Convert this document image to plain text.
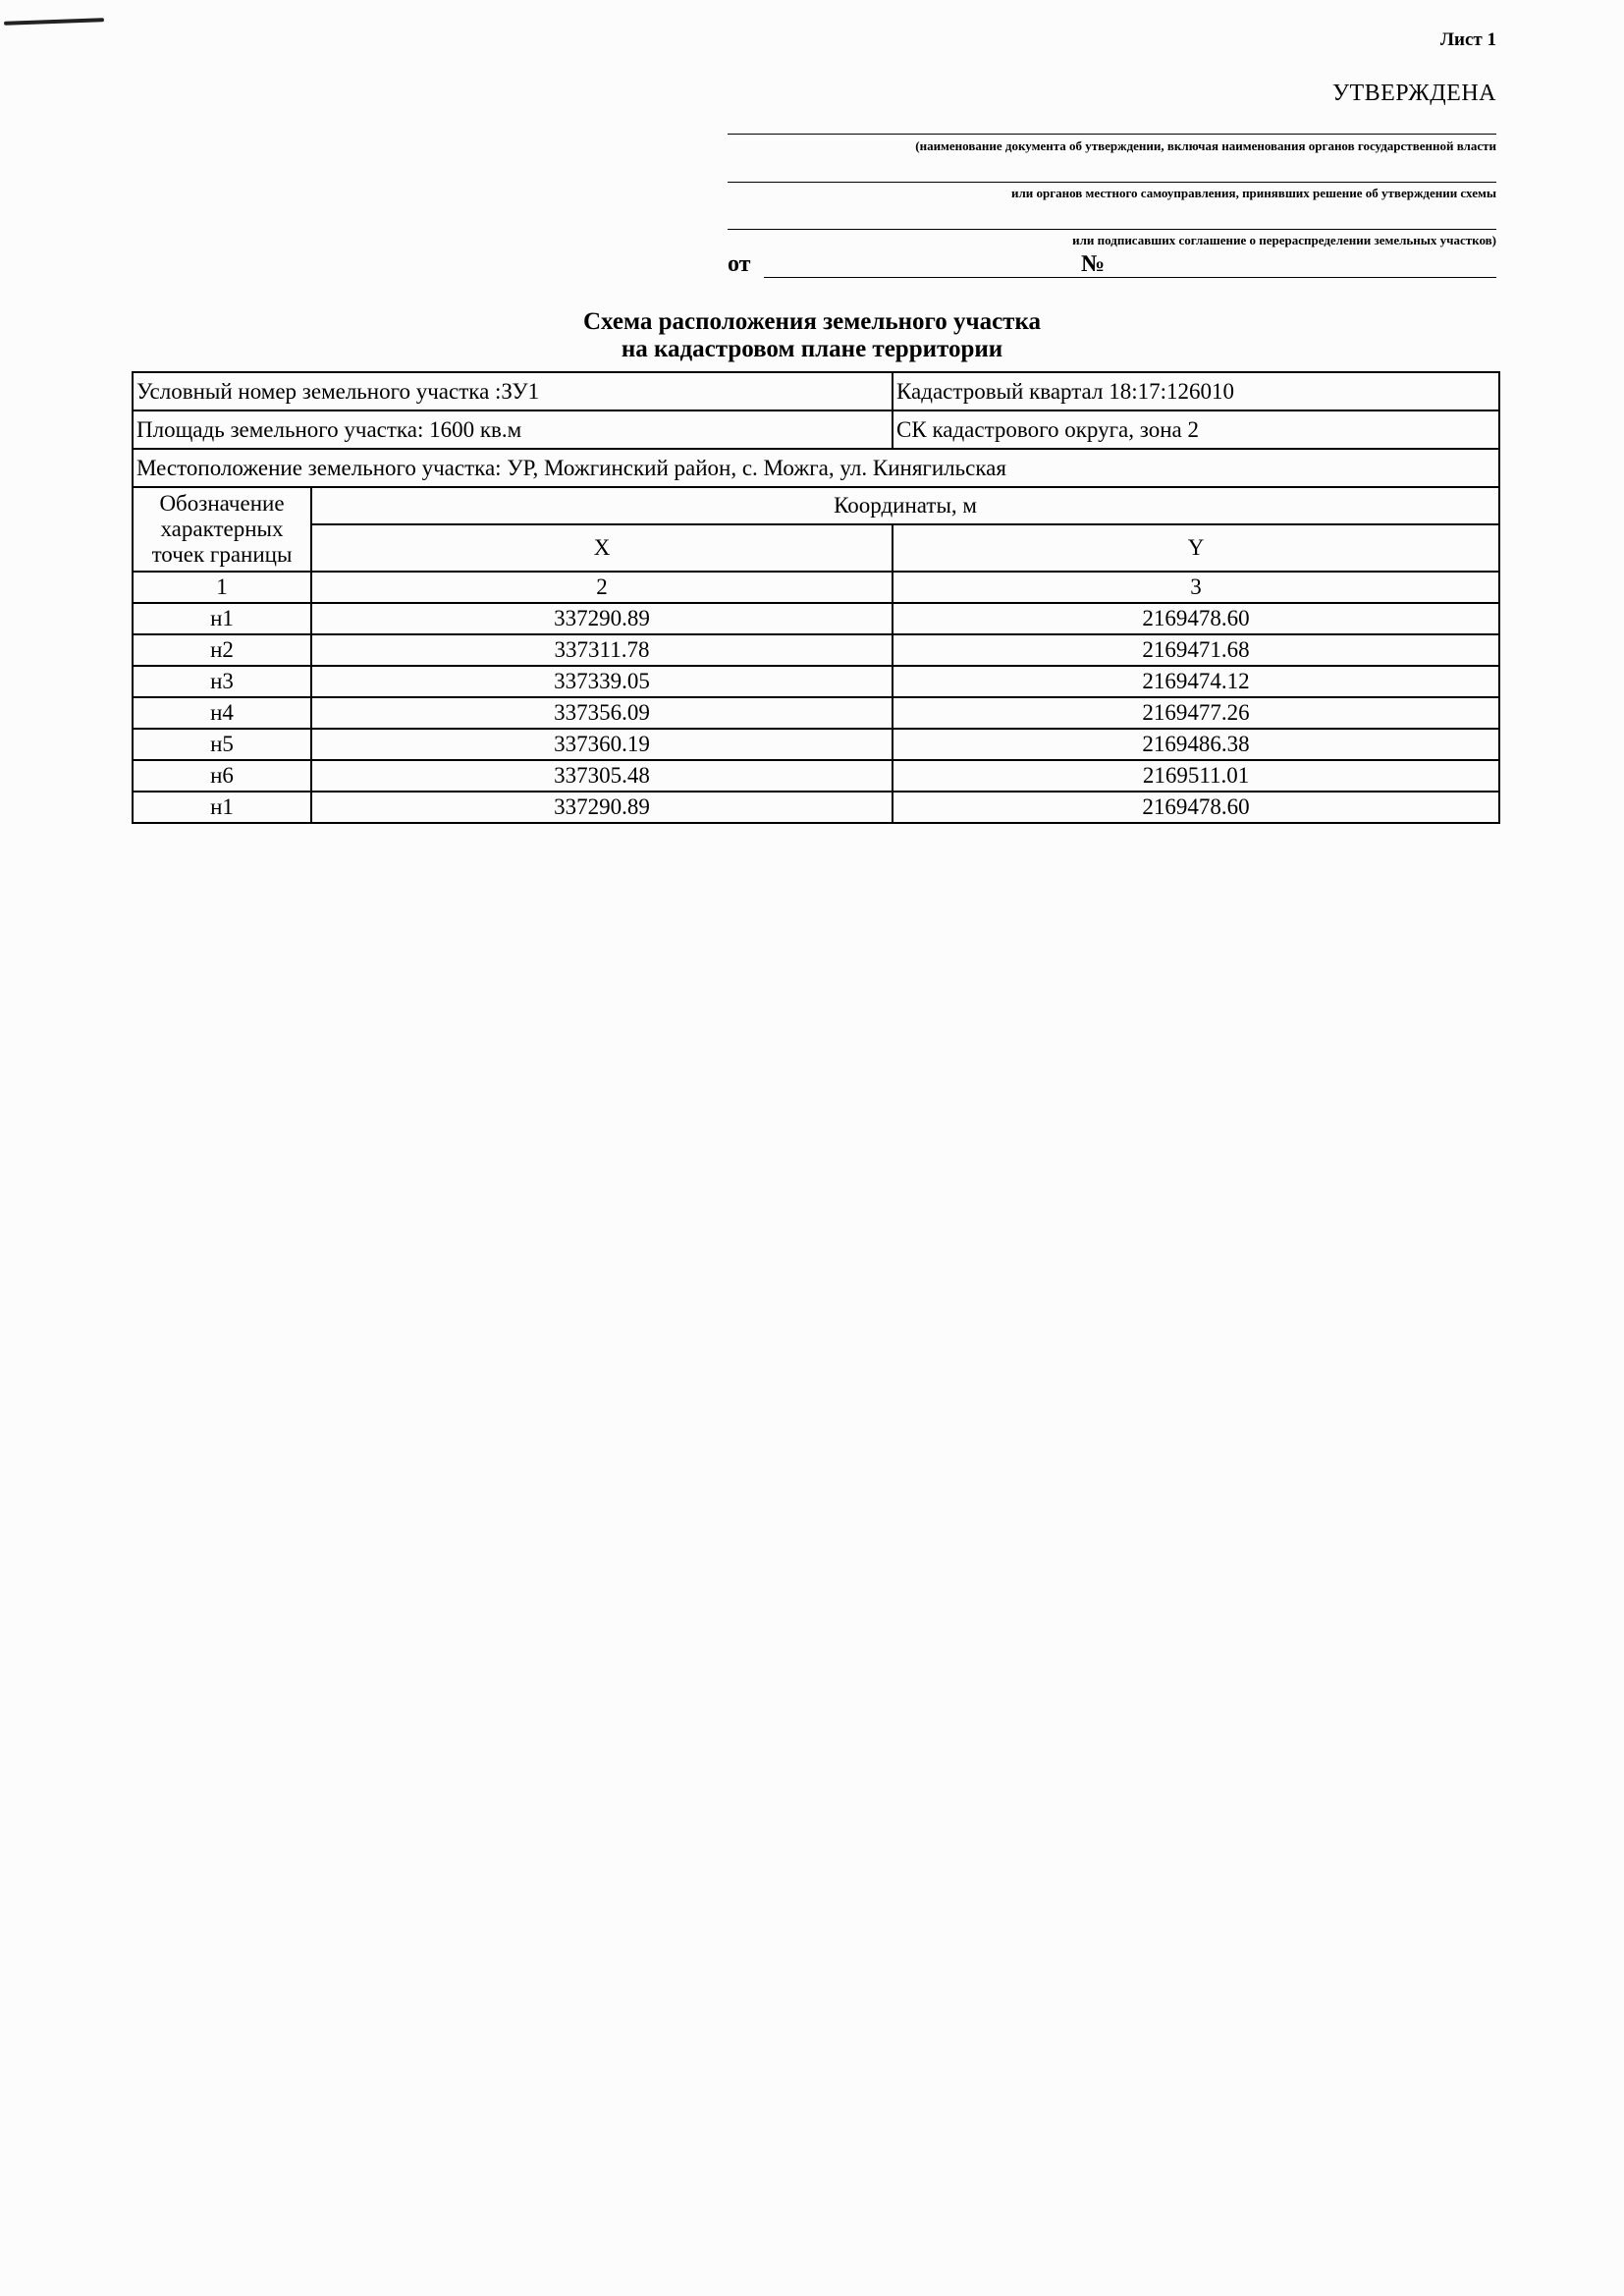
Лист 1
УТВЕРЖДЕНА
(наименование документа об утверждении, включая наименования органов государственной власти
или органов местного самоуправления, принявших решение об утверждении схемы
или подписавших соглашение о перераспределении земельных участков)
от	№
Схема расположения земельного участка
на кадастровом плане территории
Условный номер земельного участка :ЗУ1		Кадастровый квартал 18:17:126010
Площадь земельного участка: 1600 кв.м		СК кадастрового округа, зона 2
Местоположение земельного участка: УР, Можгинский район, с. Можга, ул. Кинягильская		
Обозначение характерных точек границы	Координаты, м	
	X	Y
1	2	3
н1	337290.89	2169478.60
н2	337311.78	2169471.68
н3	337339.05	2169474.12
н4	337356.09	2169477.26
н5	337360.19	2169486.38
н6	337305.48	2169511.01
н1	337290.89	2169478.60
